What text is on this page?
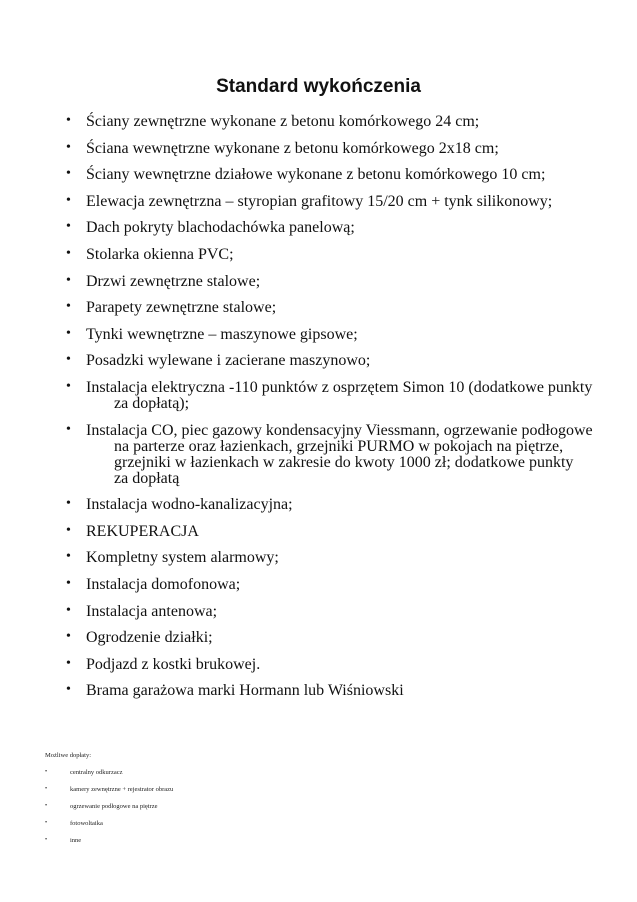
Standard wykończenia
• Ściany zewnętrzne wykonane z betonu komórkowego 24 cm;
• Ściana wewnętrzne wykonane z betonu komórkowego 2x18 cm;
• Ściany wewnętrzne działowe wykonane z betonu komórkowego 10 cm;
• Elewacja zewnętrzna – styropian grafitowy 15/20 cm + tynk silikonowy;
• Dach pokryty blachodachówka panelową;
• Stolarka okienna PVC;
• Drzwi zewnętrzne stalowe;
• Parapety zewnętrzne stalowe;
• Tynki wewnętrzne – maszynowe gipsowe;
• Posadzki wylewane i zacierane maszynowo;
• Instalacja elektryczna -110 punktów z osprzętem Simon 10 (dodatkowe punkty
za dopłatą);
• Instalacja CO, piec gazowy kondensacyjny Viessmann, ogrzewanie podłogowe
na parterze oraz łazienkach, grzejniki PURMO w pokojach na piętrze,
grzejniki w łazienkach w zakresie do kwoty 1000 zł; dodatkowe punkty
za dopłatą
• Instalacja wodno-kanalizacyjna;
• REKUPERACJA
• Kompletny system alarmowy;
• Instalacja domofonowa;
• Instalacja antenowa;
• Ogrodzenie działki;
• Podjazd z kostki brukowej.
• Brama garażowa marki Hormann lub Wiśniowski
Możliwe dopłaty:
•	centralny odkurzacz
•	kamery zewnętrzne + rejestrator obrazu
•	ogrzewanie podłogowe na piętrze
•	fotowoltaika
•	inne
